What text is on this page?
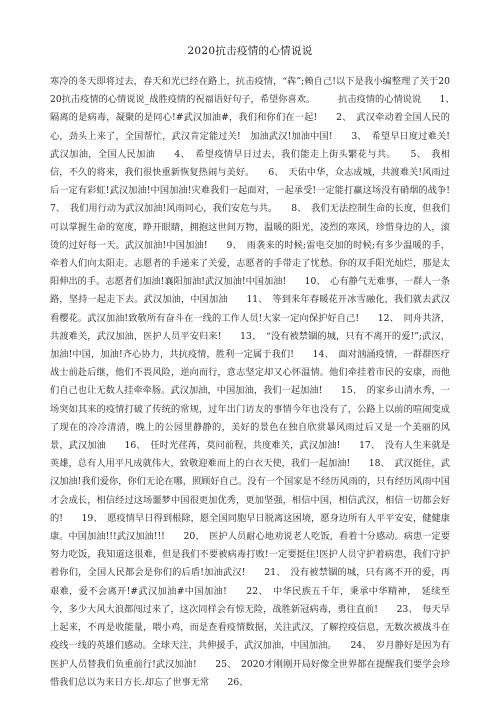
2020抗击疫情的心情说说

寒冷的冬天即将过去，春天和光已经在路上，抗击疫情，“犇”;赖自己!以下是我小编整理了关于2020抗击疫情的心情说说_战胜疫情的祝福语好句子，希望你喜欢。　　　抗击疫情的心情说说　　1、　隔离的是病毒，凝聚的是同心!#武汉加油#，我们和你们在一起!　　2、　武汉牵动着全国人民的心，劲头上来了，全国帮忙，武汉肯定能过关!　加油武汉!加油中国!　　3、　希望早日度过难关!武汉加油，全国人民加油　　4、　希望疫情早日过去，我们能走上街头繁花与共。　　5、　我相信，不久的将来，我们很快重新恢复热闹与美好。　　6、　天佑中华，众志成城，共渡难关!风雨过后一定有彩虹!武汉加油!中国加油!灾难我们一起面对，一起承受!一定能打赢这场没有硝烟的战争!　　7、　我们用行动为武汉加油!风雨同心，我们安危与共。　　8、　我们无法控制生命的长度，但我们可以掌握生命的宽度，睁开眼睛，拥抱这世间万物，温暖的阳光，凌烈的寒风，珍惜身边的人，滚烫的过好每一天。武汉加油!中国加油!　　9、　雨袭来的时候;雷电交加的时候;有多少温暖的手，牵着人们向太阳走。志愿者的手递来了关爱，志愿者的手带走了忧愁。你的双手阳光灿烂，那是太阳伸出的手。志愿者们加油!襄阳加油!武汉加油!中国加油!　　10、　心有静气无难事，一群人一条路，坚持一起走下去。武汉加油，中国加油　　11、　等到来年春暖花开冰雪融化，我们就去武汉看樱花。武汉加油!致敬所有奋斗在一线的工作人员!大家一定向保护好自己!　　12、　同舟共济，共渡难关，武汉加油，医护人员平安归来!　　13、　“没有被禁锢的城，只有不离开的爱!”;武汉，加油!中国，加油!齐心协力，共抗疫情，胜利一定属于我们!　　14、　面对汹涌疫情，一群群医疗战士前赴后继，他们不畏风险，逆向而行，意志坚定却又心怀温情。他们牵挂着市民的安康，而他们自己也让无数人挂牵牵肠。武汉加油，中国加油，我们一起加油!　　15、　的家乡山清水秀，一场突如其来的疫情打破了传统的常规，过年出门访友的事情今年也没有了，公路上以前的喧闹变成了现在的冷冷清清，晚上的公园里静静的，美好的景色在独自欣赏暴风雨过后又是一个美丽的风景，武汉加油　　16、　任时光荏苒，莫问前程，共度难关，武汉加油!　　17、　没有人生来就是英雄，总有人用平凡成就伟大，致敬迎难而上的白衣天使，我们一起加油!　　18、　武汉挺住，武汉加油!我们爱你，你们无论在哪，照顾好自己。没有一个国家是不经历风雨的，只有经历风雨中国才会成长，相信经过这场噩梦中国很更加优秀，更加坚强，相信中国，相信武汉，相信一切都会好的!　　19、　愿疫情早日得到根除，愿全国同胞早日脱离这困境，愿身边所有人平平安安，健健康康。中国加油!!!武汉加油!!!　　20、　医护人员耐心地劝说老人吃饭，看着十分感动。病患一定要努力吃饭，我知道这很难，但是我们不要被病毒打败!一定要挺住!医护人员守护着病患，我们守护着你们，全国人民都会是你们的后盾!加油武汉!　　21、　没有被禁锢的城，只有离不开的爱，再艰难，爱不会离开!#武汉加油#中国加油!　　22、　中华民族五千年，秉承中华精神，　延续至今，多少大风大浪都闯过来了，这次同样会有惊无险，战胜新冠病毒，勇往直前!　　23、　每天早上起来，不再是收能量，喂小鸡，而是查看疫情数据，关注武汉，了解控疫信息，无数次被战斗在疫线一线的英雄们感动。全球天注，共伸援手，武汉加油，中国加油。　　24、　岁月静好是因为有医护人员替我们负重前行!武汉加油!　　25、　2020才刚刚开局好像全世界都在提醒我们要学会珍惜我们总以为来日方长.却忘了世事无常　　26、
